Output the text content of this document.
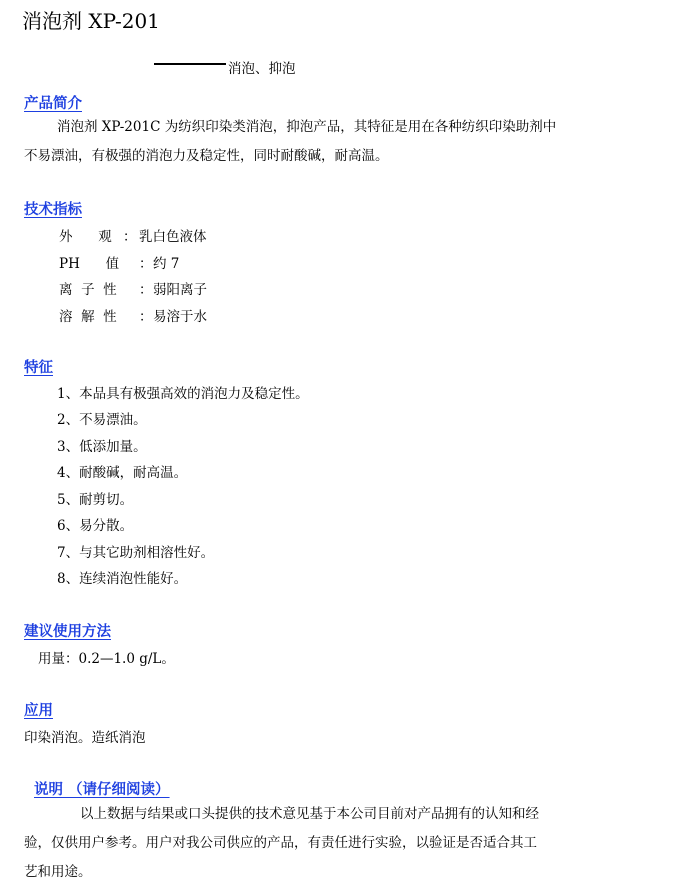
消泡剂 XP-201
消泡、抑泡
产品简介
消泡剂 XP-201C 为纺织印染类消泡，抑泡产品，其特征是用在各种纺织印染助剂中
不易漂油，有极强的消泡力及稳定性，同时耐酸碱，耐高温。
技术指标
外      观 ： 乳白色液体
PH      值 ：约 7
离  子  性 ：弱阳离子
溶  解  性 ：易溶于水
特征
1、本品具有极强高效的消泡力及稳定性。
2、不易漂油。
3、低添加量。
4、耐酸碱，耐高温。
5、耐剪切。
6、易分散。
7、与其它助剂相溶性好。
8、连续消泡性能好。
建议使用方法
用量：0.2—1.0 g/L。
应用
印染消泡。造纸消泡
说明 （请仔细阅读）
以上数据与结果或口头提供的技术意见基于本公司目前对产品拥有的认知和经
验，仅供用户参考。用户对我公司供应的产品，有责任进行实验，以验证是否适合其工
艺和用途。
